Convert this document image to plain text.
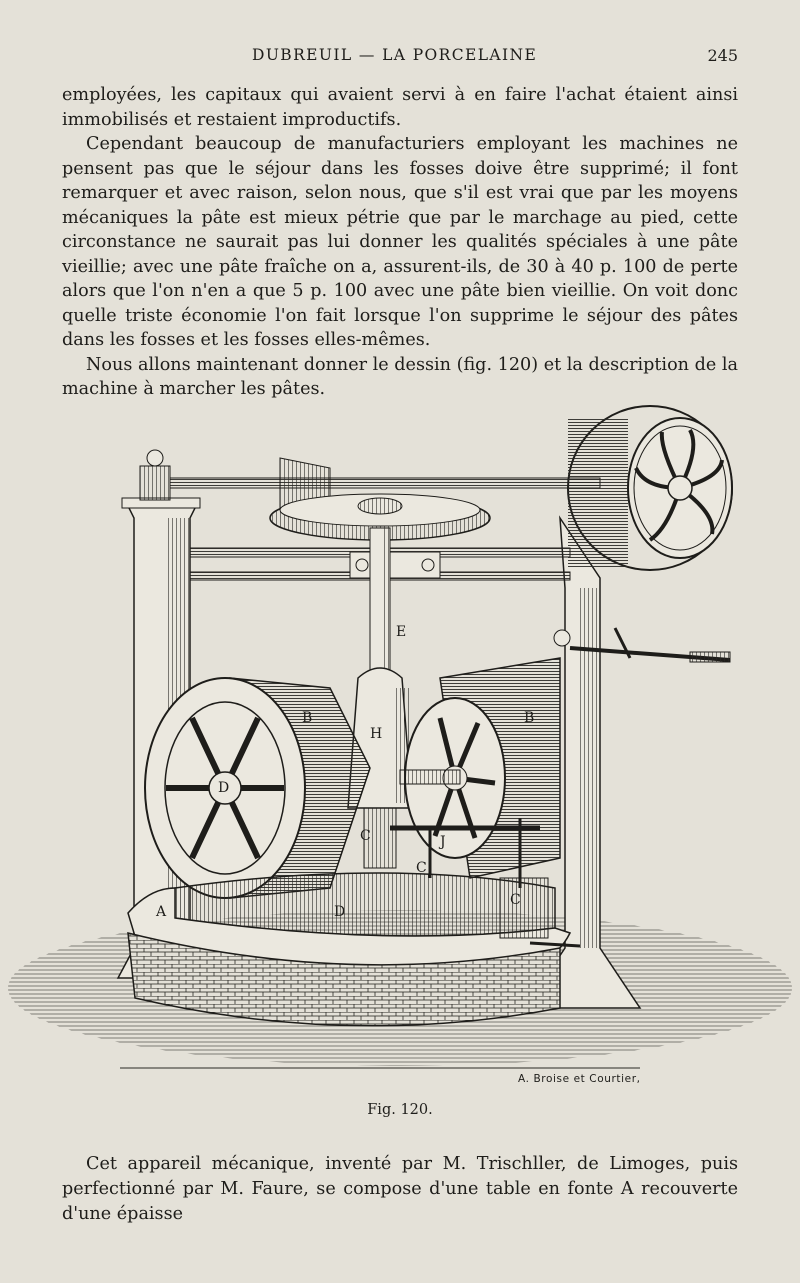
DUBREUIL — LA PORCELAINE	245

employées, les capitaux qui avaient servi à en faire l'achat étaient ainsi immobilisés et restaient improductifs.

Cependant beaucoup de manufacturiers employant les machines ne pensent pas que le séjour dans les fosses doive être supprimé; il font remarquer et avec raison, selon nous, que s'il est vrai que par les moyens mécaniques la pâte est mieux pétrie que par le marchage au pied, cette circonstance ne saurait pas lui donner les qualités spéciales à une pâte vieillie; avec une pâte fraîche on a, assurent-ils, de 30 à 40 p. 100 de perte alors que l'on n'en a que 5 p. 100 avec une pâte bien vieillie. On voit donc quelle triste économie l'on fait lorsque l'on supprime le séjour des pâtes dans les fosses et les fosses elles-mêmes.

Nous allons maintenant donner le dessin (fig. 120) et la description de la machine à marcher les pâtes.

E
B	B
H
D
J
C
C
A	D
C
A. Broise et Courtier,
Fig. 120.

Cet appareil mécanique, inventé par M. Trischller, de Limoges, puis perfectionné par M. Faure, se compose d'une table en fonte A recouverte d'une épaisse
